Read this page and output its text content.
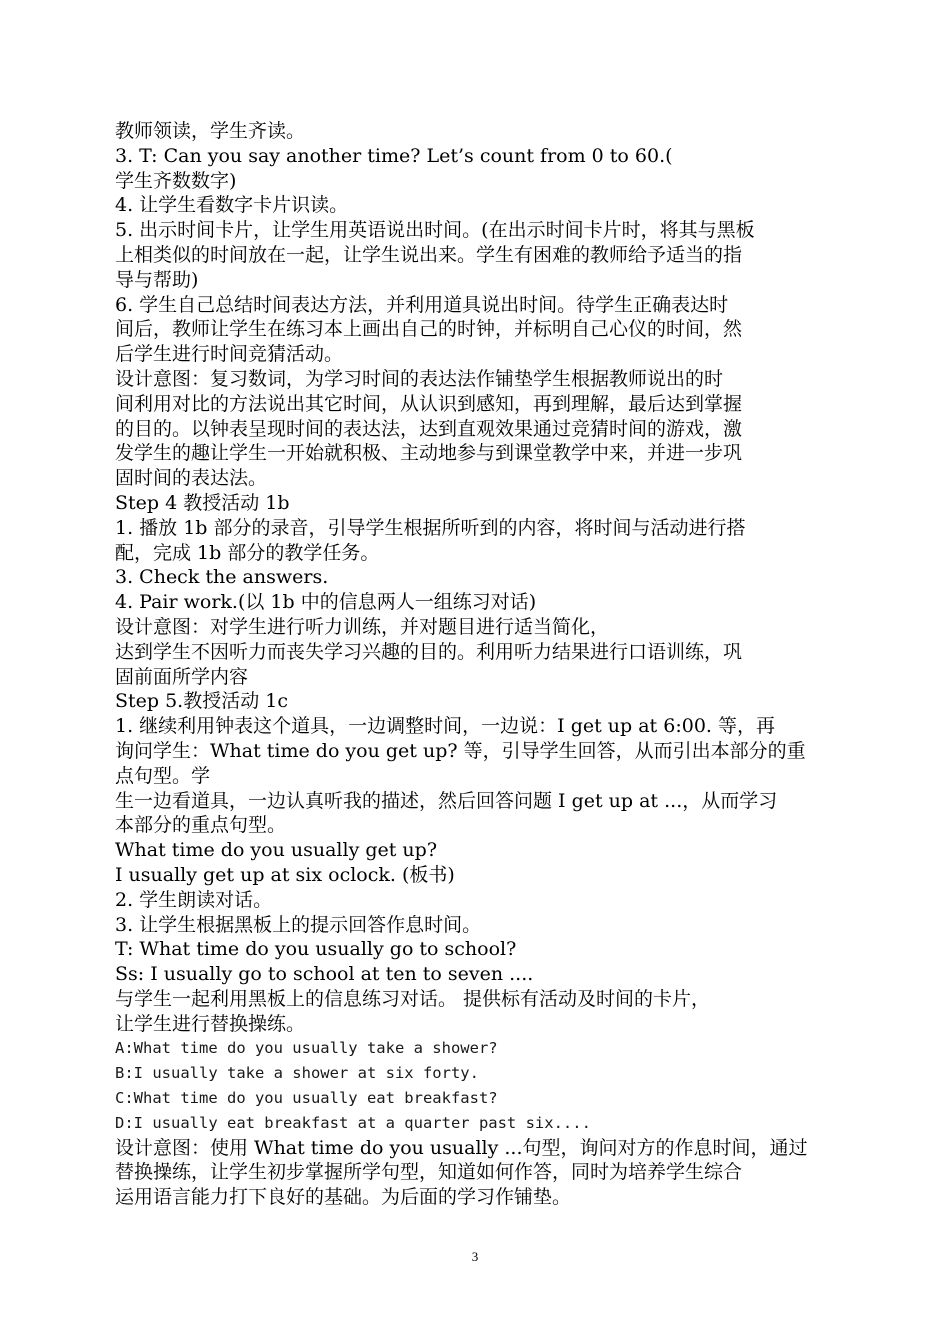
教师领读，学生齐读。
3. T: Can you say another time? Let’s count from 0 to 60.(
学生齐数数字)
4. 让学生看数字卡片识读。
5. 出示时间卡片，让学生用英语说出时间。(在出示时间卡片时，将其与黑板
上相类似的时间放在一起，让学生说出来。学生有困难的教师给予适当的指
导与帮助)
6. 学生自己总结时间表达方法，并利用道具说出时间。待学生正确表达时
间后，教师让学生在练习本上画出自己的时钟，并标明自己心仪的时间，然
后学生进行时间竞猜活动。
设计意图：复习数词，为学习时间的表达法作铺垫学生根据教师说出的时
间利用对比的方法说出其它时间，从认识到感知，再到理解，最后达到掌握
的目的。以钟表呈现时间的表达法，达到直观效果通过竞猜时间的游戏，激
发学生的趣让学生一开始就积极、主动地参与到课堂教学中来，并进一步巩
固时间的表达法。
Step 4 教授活动 1b
1. 播放 1b 部分的录音，引导学生根据所听到的内容，将时间与活动进行搭
配，完成 1b 部分的教学任务。
3. Check the answers.
4. Pair work.(以 1b 中的信息两人一组练习对话)
设计意图：对学生进行听力训练，并对题目进行适当简化，
达到学生不因听力而丧失学习兴趣的目的。利用听力结果进行口语训练，巩
固前面所学内容
Step 5.教授活动 1c
1. 继续利用钟表这个道具，一边调整时间，一边说：I get up at 6:00. 等，再
询问学生：What time do you get up? 等，引导学生回答，从而引出本部分的重
点句型。学
生一边看道具，一边认真听我的描述，然后回答问题 I get up at ...，从而学习
本部分的重点句型。
What time do you usually get up?
I usually get up at six oclock. (板书)
2. 学生朗读对话。
3. 让学生根据黑板上的提示回答作息时间。
T: What time do you usually go to school?
Ss: I usually go to school at ten to seven ....
与学生一起利用黑板上的信息练习对话。 提供标有活动及时间的卡片，
让学生进行替换操练。
A:What time do you usually take a shower?
B:I usually take a shower at six forty.
C:What time do you usually eat breakfast?
D:I usually eat breakfast at a quarter past six....
设计意图：使用 What time do you usually ...句型，询问对方的作息时间，通过
替换操练，让学生初步掌握所学句型，知道如何作答，同时为培养学生综合
运用语言能力打下良好的基础。为后面的学习作铺垫。
3
